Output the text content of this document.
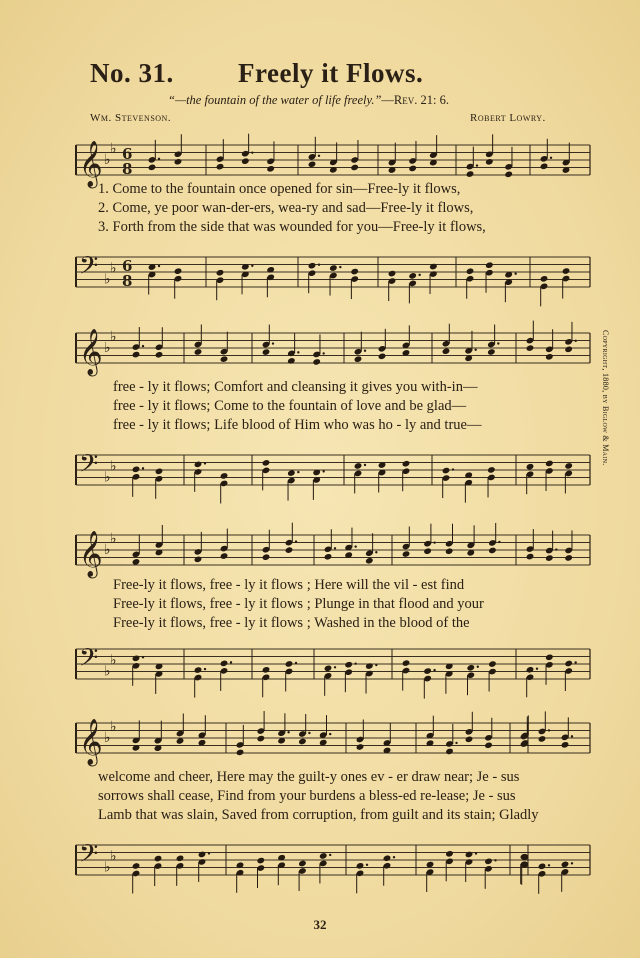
No. 31. Freely it Flows.
“—the fountain of the water of life freely.”—Rev. 21: 6.
Wm. Stevenson.	Robert Lowry.
𝄞 ♭
♭ 6
8
1. Come to the fountain once opened for sin—Free-ly it flows,
2. Come, ye poor wan-der-ers, wea-ry and sad—Free-ly it flows,
3. Forth from the side that was wounded for you—Free-ly it flows,
𝄢 ♭
♭ 6
8
𝄞 ♭
♭
free - ly it flows; Comfort and cleansing it gives you with-in—
free - ly it flows; Come to the fountain of love and be glad—
free - ly it flows; Life blood of Him who was ho - ly and true—
𝄢 ♭
♭
𝄞 ♭
♭
Free-ly it flows, free - ly it flows ; Here will the vil - est find
Free-ly it flows, free - ly it flows ; Plunge in that flood and your
Free-ly it flows, free - ly it flows ; Washed in the blood of the
𝄢 ♭
♭
𝄞 ♭
♭
welcome and cheer, Here may the guilt-y ones ev - er draw near; Je - sus
sorrows shall cease, Find from your burdens a bless-ed re-lease; Je - sus
Lamb that was slain, Saved from corruption, from guilt and its stain; Gladly
𝄢 ♭
♭
Copyright, 1880, by Biglow & Main.
32
